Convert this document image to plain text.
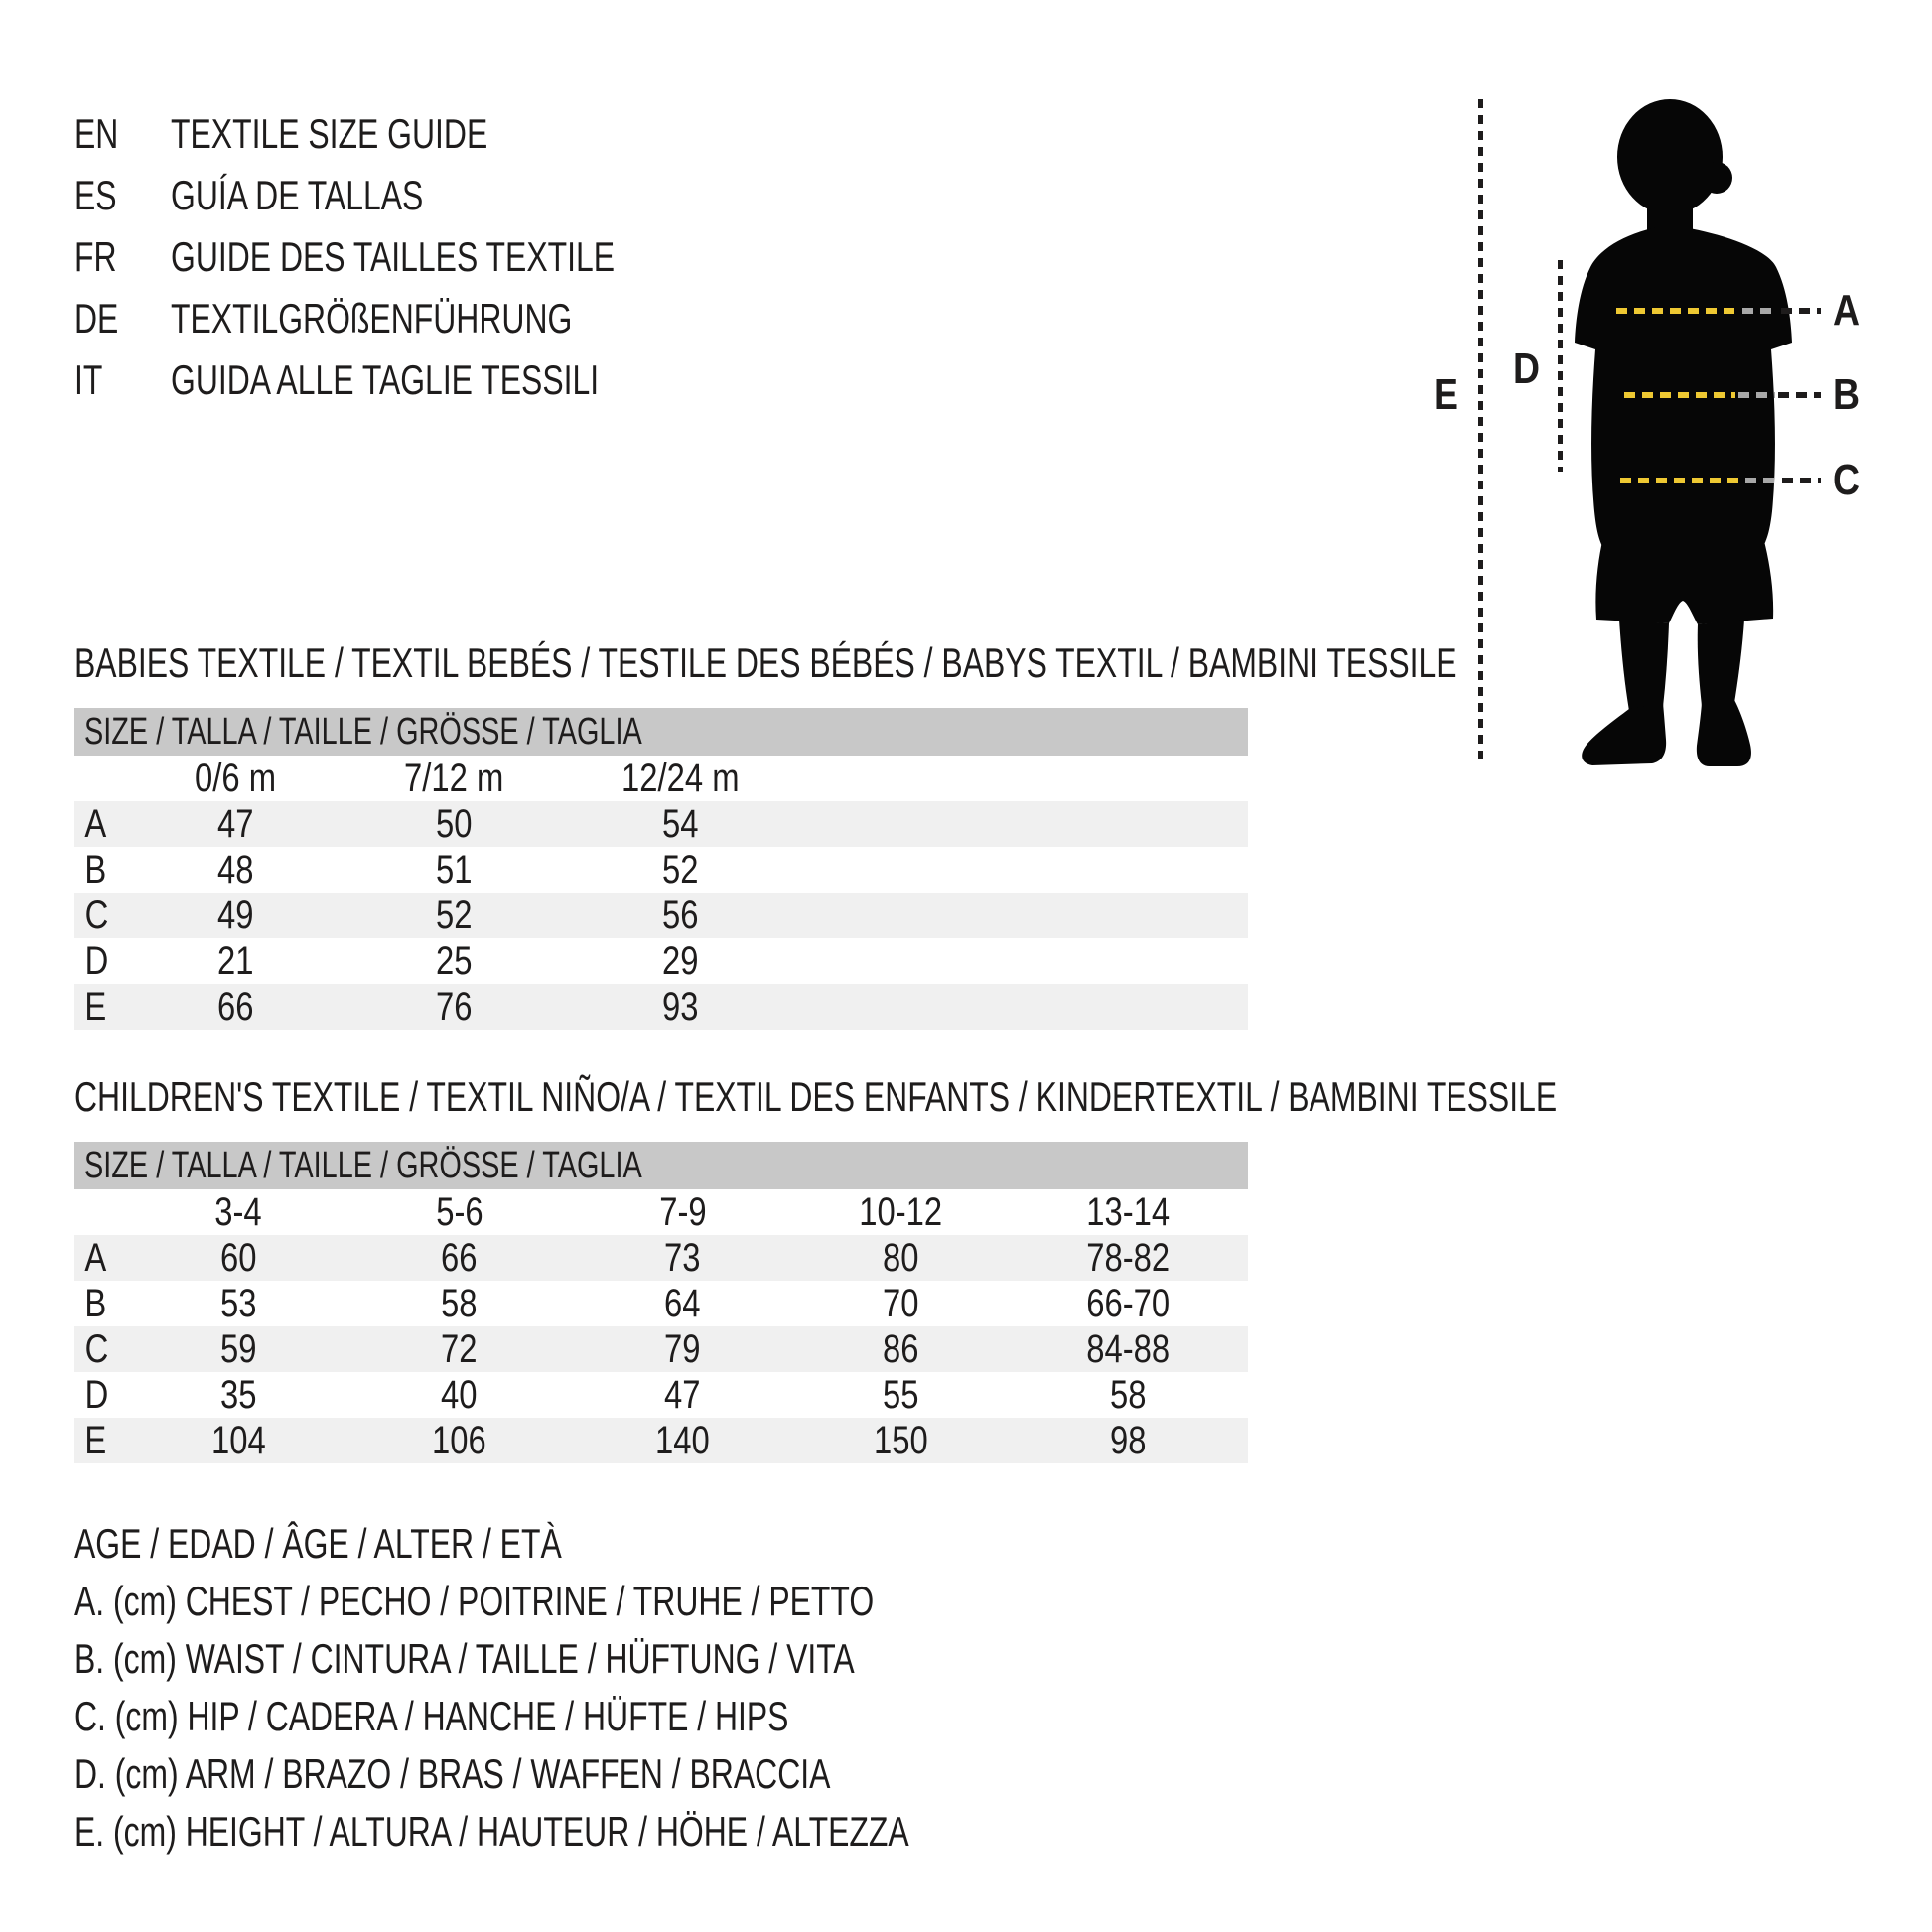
EN TEXTILE SIZE GUIDE
ES GUÍA DE TALLAS
FR GUIDE DES TAILLES TEXTILE
DE TEXTILGRÖßENFÜHRUNG
IT GUIDA ALLE TAGLIE TESSILI	E
D
A
B
C
BABIES TEXTILE / TEXTIL BEBÉS / TESTILE DES BÉBÉS / BABYS TEXTIL / BAMBINI TESSILE
SIZE / TALLA / TAILLE / GRÖSSE / TAGLIA
0/6 m	7/12 m	12/24 m
A	47	50	54
B	48	51	52
C	49	52	56
D	21	25	29
E	66	76	93
CHILDREN'S TEXTILE / TEXTIL NIÑO/A / TEXTIL DES ENFANTS / KINDERTEXTIL / BAMBINI TESSILE
SIZE / TALLA / TAILLE / GRÖSSE / TAGLIA
3-4	5-6	7-9	10-12	13-14
A	60	66	73	80	78-82
B	53	58	64	70	66-70
C	59	72	79	86	84-88
D	35	40	47	55	58
E	104	106	140	150	98
AGE / EDAD / ÂGE / ALTER / ETÀ
A. (cm) CHEST / PECHO / POITRINE / TRUHE / PETTO
B. (cm) WAIST / CINTURA / TAILLE / HÜFTUNG / VITA
C. (cm) HIP / CADERA / HANCHE / HÜFTE / HIPS
D. (cm) ARM / BRAZO / BRAS / WAFFEN / BRACCIA
E. (cm) HEIGHT / ALTURA / HAUTEUR / HÖHE / ALTEZZA
